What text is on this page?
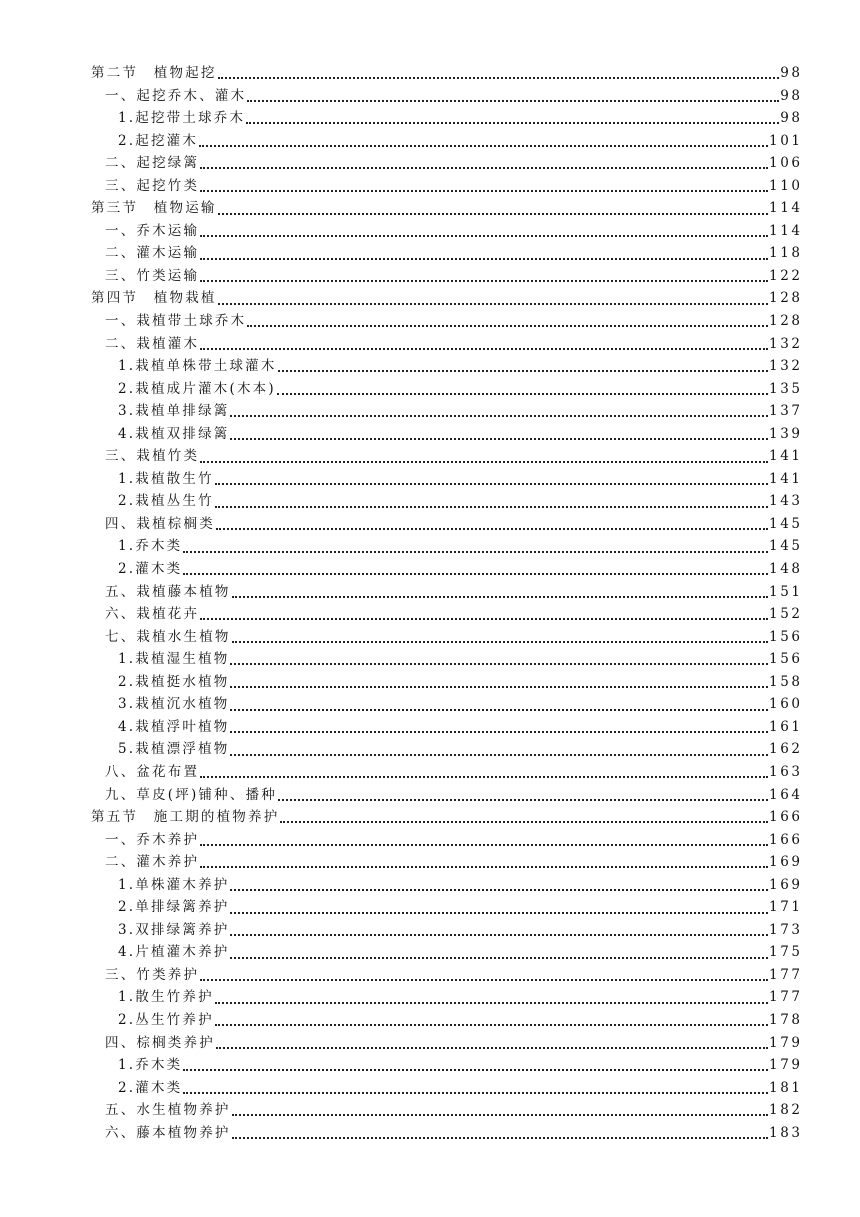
第二节　植物起挖	98
一、起挖乔木、灌木	98
1.起挖带土球乔木	98
2.起挖灌木	101
二、起挖绿篱	106
三、起挖竹类	110
第三节　植物运输	114
一、乔木运输	114
二、灌木运输	118
三、竹类运输	122
第四节　植物栽植	128
一、栽植带土球乔木	128
二、栽植灌木	132
1.栽植单株带土球灌木	132
2.栽植成片灌木(木本)	135
3.栽植单排绿篱	137
4.栽植双排绿篱	139
三、栽植竹类	141
1.栽植散生竹	141
2.栽植丛生竹	143
四、栽植棕榈类	145
1.乔木类	145
2.灌木类	148
五、栽植藤本植物	151
六、栽植花卉	152
七、栽植水生植物	156
1.栽植湿生植物	156
2.栽植挺水植物	158
3.栽植沉水植物	160
4.栽植浮叶植物	161
5.栽植漂浮植物	162
八、盆花布置	163
九、草皮(坪)铺种、播种	164
第五节　施工期的植物养护	166
一、乔木养护	166
二、灌木养护	169
1.单株灌木养护	169
2.单排绿篱养护	171
3.双排绿篱养护	173
4.片植灌木养护	175
三、竹类养护	177
1.散生竹养护	177
2.丛生竹养护	178
四、棕榈类养护	179
1.乔木类	179
2.灌木类	181
五、水生植物养护	182
六、藤本植物养护	183
